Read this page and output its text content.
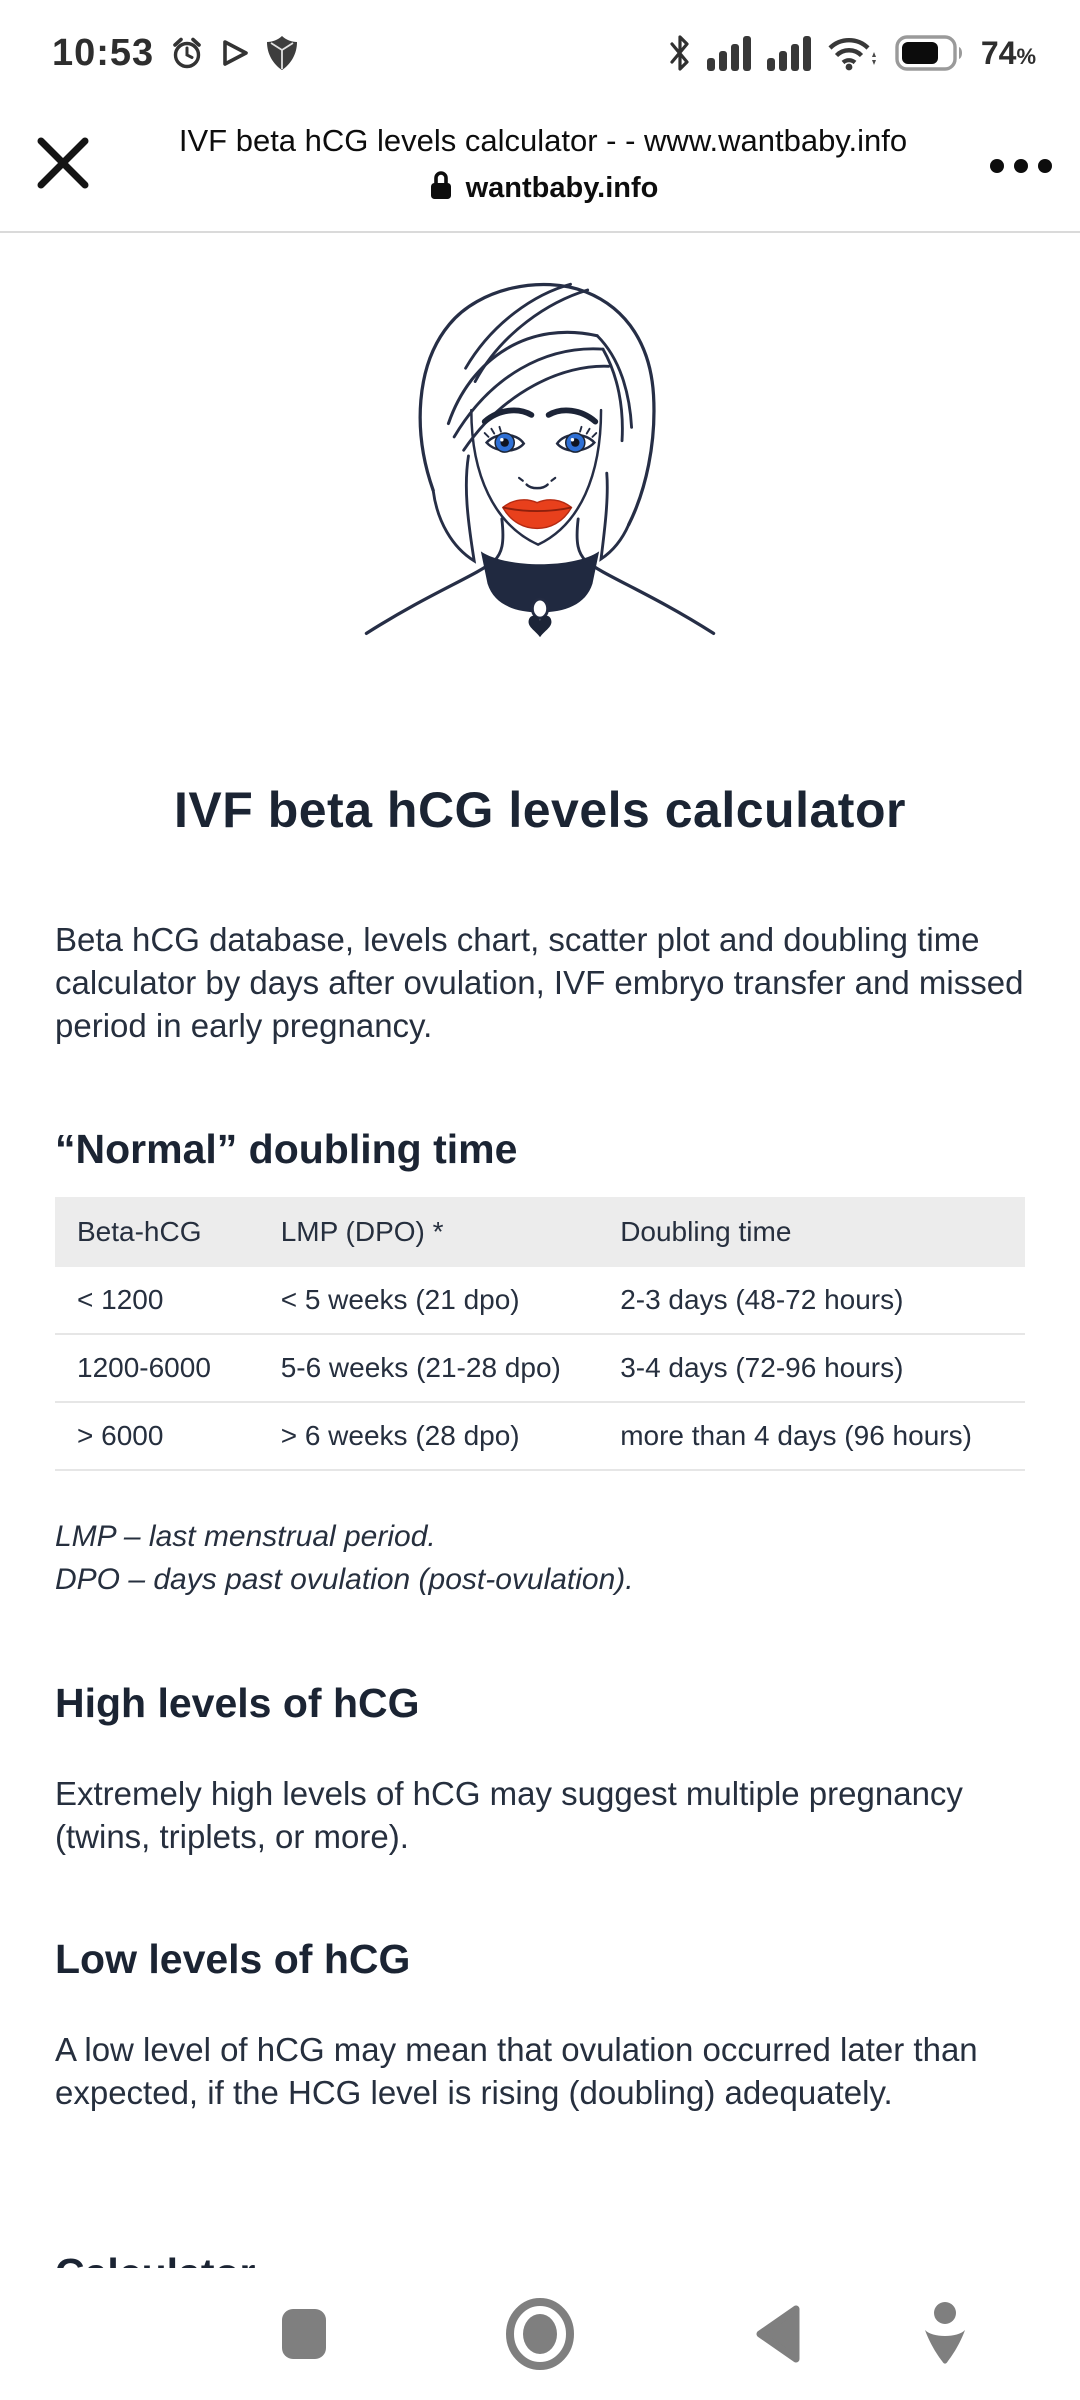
10:53	74%
IVF beta hCG levels calculator - - www.wantbaby.info
wantbaby.info
IVF beta hCG levels calculator

Beta hCG database, levels chart, scatter plot and doubling time calculator by days after ovulation, IVF embryo transfer and missed period in early pregnancy.

“Normal” doubling time
Beta-hCG	LMP (DPO) *	Doubling time
< 1200	< 5 weeks (21 dpo)	2-3 days (48-72 hours)
1200-6000	5-6 weeks (21-28 dpo)	3-4 days (72-96 hours)
> 6000	> 6 weeks (28 dpo)	more than 4 days (96 hours)
LMP – last menstrual period.
DPO – days past ovulation (post-ovulation).
High levels of hCG

Extremely high levels of hCG may suggest multiple pregnancy (twins, triplets, or more).

Low levels of hCG

A low level of hCG may mean that ovulation occurred later than expected, if the HCG level is rising (doubling) adequately.
